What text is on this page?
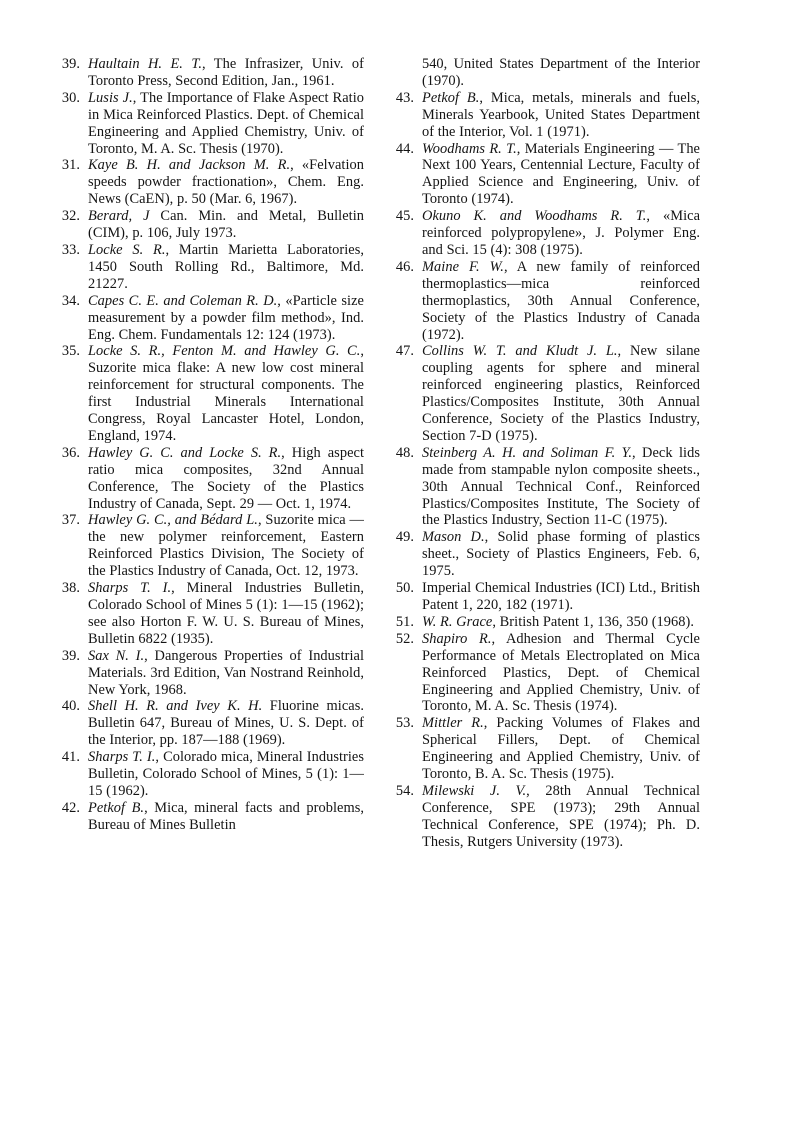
39. Haultain H. E. T., The Infrasizer, Univ. of Toronto Press, Second Edition, Jan., 1961.
30. Lusis J., The Importance of Flake Aspect Ratio in Mica Reinforced Plastics. Dept. of Chemical Engineering and Applied Chemistry, Univ. of Toronto, M. A. Sc. Thesis (1970).
31. Kaye B. H. and Jackson M. R., «Felvation speeds powder fractionation», Chem. Eng. News (CaEN), p. 50 (Mar. 6, 1967).
32. Berard, J Can. Min. and Metal, Bulletin (CIM), p. 106, July 1973.
33. Locke S. R., Martin Marietta Laboratories, 1450 South Rolling Rd., Baltimore, Md. 21227.
34. Capes C. E. and Coleman R. D., «Particle size measurement by a powder film method», Ind. Eng. Chem. Fundamentals 12: 124 (1973).
35. Locke S. R., Fenton M. and Hawley G. C., Suzorite mica flake: A new low cost mineral reinforcement for structural components. The first Industrial Minerals International Congress, Royal Lancaster Hotel, London, England, 1974.
36. Hawley G. C. and Locke S. R., High aspect ratio mica composites, 32nd Annual Conference, The Society of the Plastics Industry of Canada, Sept. 29 — Oct. 1, 1974.
37. Hawley G. C., and Bédard L., Suzorite mica —the new polymer reinforcement, Eastern Reinforced Plastics Division, The Society of the Plastics Industry of Canada, Oct. 12, 1973.
38. Sharps T. I., Mineral Industries Bulletin, Colorado School of Mines 5 (1): 1—15 (1962); see also Horton F. W. U. S. Bureau of Mines, Bulletin 6822 (1935).
39. Sax N. I., Dangerous Properties of Industrial Materials. 3rd Edition, Van Nostrand Reinhold, New York, 1968.
40. Shell H. R. and Ivey K. H. Fluorine micas. Bulletin 647, Bureau of Mines, U. S. Dept. of the Interior, pp. 187—188 (1969).
41. Sharps T. I., Colorado mica, Mineral Industries Bulletin, Colorado School of Mines, 5 (1): 1—15 (1962).
42. Petkof B., Mica, mineral facts and problems, Bureau of Mines Bulletin
540, United States Department of the Interior (1970).
43. Petkof B., Mica, metals, minerals and fuels, Minerals Yearbook, United States Department of the Interior, Vol. 1 (1971).
44. Woodhams R. T., Materials Engineering — The Next 100 Years, Centennial Lecture, Faculty of Applied Science and Engineering, Univ. of Toronto (1974).
45. Okuno K. and Woodhams R. T., «Mica reinforced polypropylene», J. Polymer Eng. and Sci. 15 (4): 308 (1975).
46. Maine F. W., A new family of reinforced thermoplastics—mica reinforced thermoplastics, 30th Annual Conference, Society of the Plastics Industry of Canada (1972).
47. Collins W. T. and Kludt J. L., New silane coupling agents for sphere and mineral reinforced engineering plastics, Reinforced Plastics/Composites Institute, 30th Annual Conference, Society of the Plastics Industry, Section 7-D (1975).
48. Steinberg A. H. and Soliman F. Y., Deck lids made from stampable nylon composite sheets., 30th Annual Technical Conf., Reinforced Plastics/Composites Institute, The Society of the Plastics Industry, Section 11-C (1975).
49. Mason D., Solid phase forming of plastics sheet., Society of Plastics Engineers, Feb. 6, 1975.
50. Imperial Chemical Industries (ICI) Ltd., British Patent 1, 220, 182 (1971).
51. W. R. Grace, British Patent 1, 136, 350 (1968).
52. Shapiro R., Adhesion and Thermal Cycle Performance of Metals Electroplated on Mica Reinforced Plastics, Dept. of Chemical Engineering and Applied Chemistry, Univ. of Toronto, M. A. Sc. Thesis (1974).
53. Mittler R., Packing Volumes of Flakes and Spherical Fillers, Dept. of Chemical Engineering and Applied Chemistry, Univ. of Toronto, B. A. Sc. Thesis (1975).
54. Milewski J. V., 28th Annual Technical Conference, SPE (1973); 29th Annual Technical Conference, SPE (1974); Ph. D. Thesis, Rutgers University (1973).
